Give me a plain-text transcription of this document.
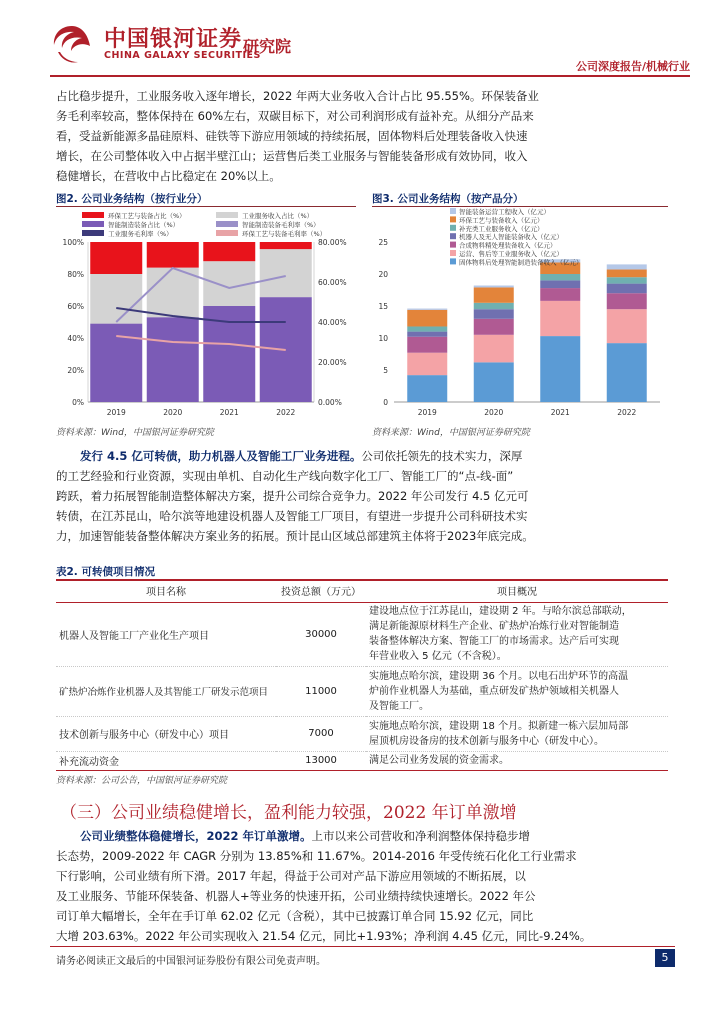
中国银河证券
CHINA GALAXY SECURITIES
研究院
公司深度报告/机械行业
占比稳步提升，工业服务收入逐年增长，2022 年两大业务收入合计占比 95.55%。环保装备业
务毛利率较高，整体保持在 60%左右，双碳目标下，对公司利润形成有益补充。从细分产品来
看，受益新能源多晶硅原料、硅铁等下游应用领域的持续拓展，固体物料后处理装备收入快速
增长，在公司整体收入中占据半壁江山；运营售后类工业服务与智能装备形成有效协同，收入
稳健增长，在营收中占比稳定在 20%以上。
图2. 公司业务结构（按行业分）	图3. 公司业务结构（按产品分）
0%
20%
40%
60%
80%
100%
0.00%
20.00%
40.00%
60.00%
80.00%
2019	2020	2021	2022
环保工艺与装备占比（%）	工业服务收入占比（%）
智能制造装备占比（%）	智能制造装备毛利率（%）
工业服务毛利率（%）	环保工艺与装备毛利率（%）
0
5
10
15
20
25
2019	2020	2021	2022
智能装备运营工程收入（亿元）
环保工艺与装备收入（亿元）
补充类工业服务收入（亿元）
机器人及无人智能装备收入（亿元）
合成物料精处理装备收入（亿元）
运营、售后等工业服务收入（亿元）
固体物料后处理智能制造装备收入（亿元）
资料来源：Wind，中国银河证券研究院	资料来源：Wind，中国银河证券研究院
发行 4.5 亿可转债，助力机器人及智能工厂业务进程。公司依托领先的技术实力，深厚
的工艺经验和行业资源，实现由单机、自动化生产线向数字化工厂、智能工厂的“点-线-面”
跨跃，着力拓展智能制造整体解决方案，提升公司综合竞争力。2022 年公司发行 4.5 亿元可
转债，在江苏昆山，哈尔滨等地建设机器人及智能工厂项目，有望进一步提升公司科研技术实
力，加速智能装备整体解决方案业务的拓展。预计昆山区域总部建筑主体将于2023年底完成。
表2. 可转债项目情况
项目名称	投资总额（万元）	项目概况
机器人及智能工厂产业化生产项目	30000	建设地点位于江苏昆山，建设期 2 年。与哈尔滨总部联动，
满足新能源原材料生产企业、矿热炉冶炼行业对智能制造
装备整体解决方案、智能工厂的市场需求。达产后可实现
年营业收入 5 亿元（不含税）。

矿热炉冶炼作业机器人及其智能工厂研发示范项目	11000	实施地点哈尔滨，建设期 36 个月。以电石出炉环节的高温
炉前作业机器人为基础，重点研发矿热炉领域相关机器人
及智能工厂。

技术创新与服务中心（研发中心）项目	7000	实施地点哈尔滨，建设期 18 个月。拟新建一栋六层加局部
屋顶机房设备房的技术创新与服务中心（研发中心）。

补充流动资金	13000	满足公司业务发展的资金需求。
资料来源：公司公告，中国银河证券研究院
（三）公司业绩稳健增长，盈利能力较强，2022 年订单激增
公司业绩整体稳健增长，2022 年订单激增。上市以来公司营收和净利润整体保持稳步增
长态势，2009-2022 年 CAGR 分别为 13.85%和 11.67%。2014-2016 年受传统石化化工行业需求
下行影响，公司业绩有所下滑。2017 年起，得益于公司对产品下游应用领域的不断拓展，以
及工业服务、节能环保装备、机器人+等业务的快速开拓，公司业绩持续快速增长。2022 年公
司订单大幅增长，全年在手订单 62.02 亿元（含税），其中已披露订单合同 15.92 亿元，同比
大增 203.63%。2022 年公司实现收入 21.54 亿元，同比+1.93%；净利润 4.45 亿元，同比-9.24%。
请务必阅读正文最后的中国银河证券股份有限公司免责声明。	5
